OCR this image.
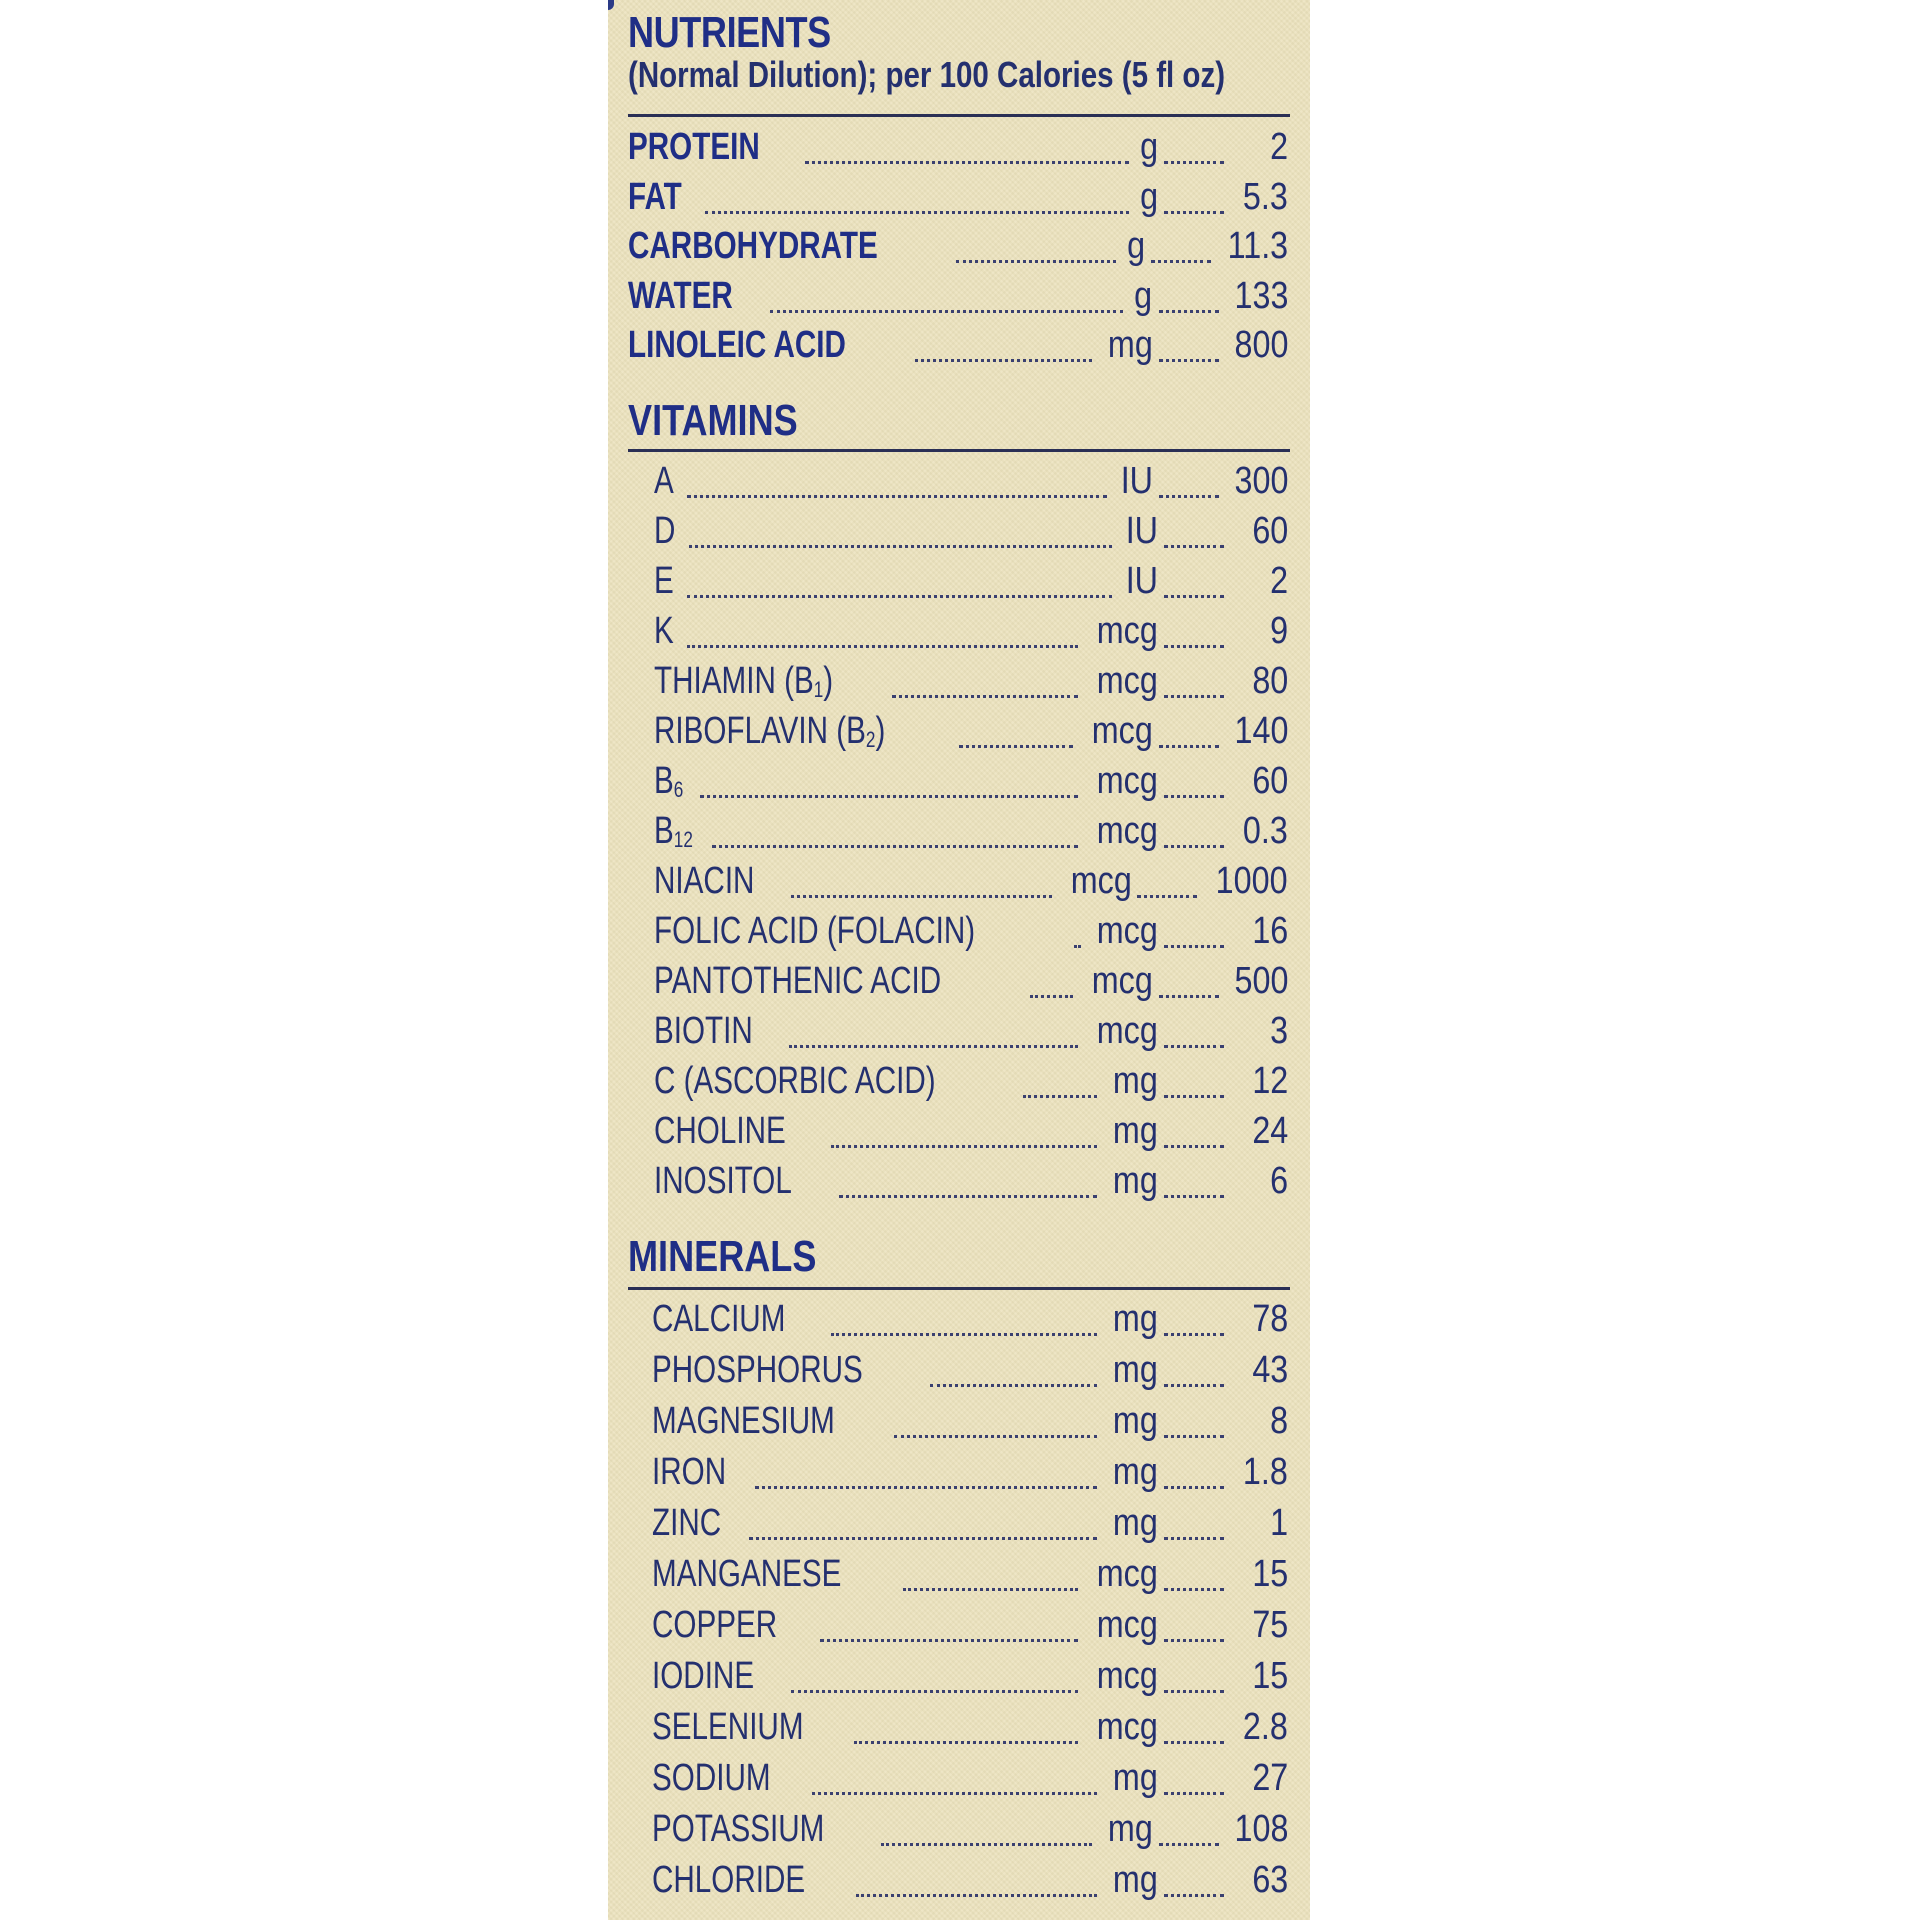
NUTRIENTS
(Normal Dilution); per 100 Calories (5 fl oz)
PROTEIN	g	2
FAT	g	5.3
CARBOHYDRATE	g 11.3
WATER	g 133
LINOLEIC ACID	mg 800
VITAMINS
A	IU 300
D	IU	60
E	IU	2
K	mcg	9
THIAMIN $(B_1)$	mcg	80
RIBOFLAVIN $(B_2)$	mcg 140
$B_6$	mcg	60
$B_{12}$	mcg	0.3
NIACIN	mcg	1000
FOLIC ACID (FOLACIN)	mcg	16
PANTOTHENIC ACID	mcg 500
BIOTIN	mcg	3
C (ASCORBIC ACID)	mg	12
CHOLINE	mg	24
INOSITOL	mg	6
MINERALS
CALCIUM	mg	78
PHOSPHORUS	mg	43
MAGNESIUM	mg	8
IRON	mg	1.8
ZINC	mg	1
MANGANESE	mcg	15
COPPER	mcg	75
IODINE	mcg	15
SELENIUM	mcg	2.8
SODIUM	mg	27
POTASSIUM	mg 108
CHLORIDE	mg	63
